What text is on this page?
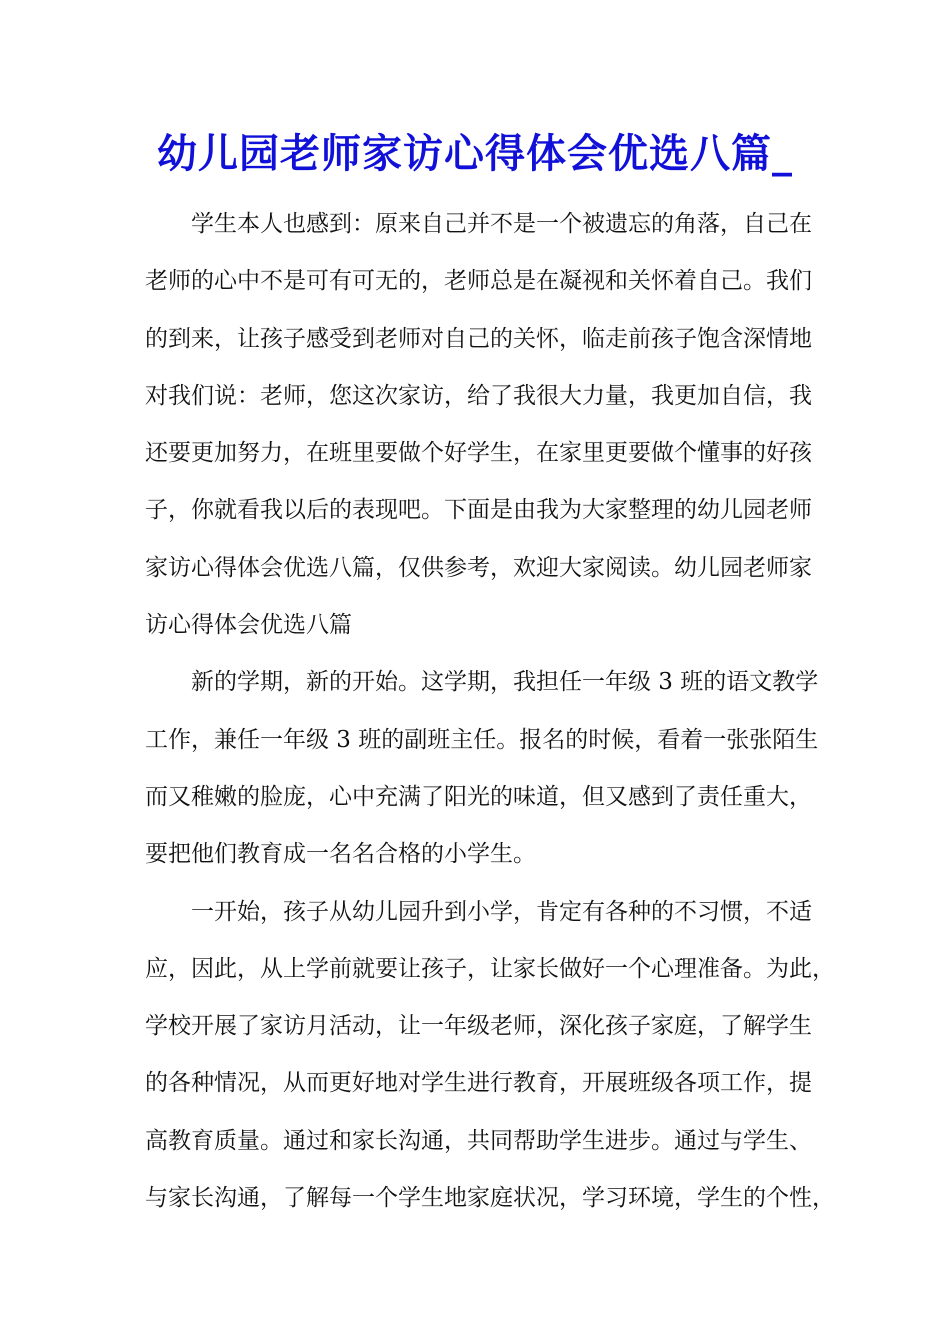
幼儿园老师家访心得体会优选八篇_
学生本人也感到：原来自己并不是一个被遗忘的角落，自己在
老师的心中不是可有可无的，老师总是在凝视和关怀着自己。我们
的到来，让孩子感受到老师对自己的关怀，临走前孩子饱含深情地
对我们说：老师，您这次家访，给了我很大力量，我更加自信，我
还要更加努力，在班里要做个好学生，在家里更要做个懂事的好孩
子，你就看我以后的表现吧。下面是由我为大家整理的幼儿园老师
家访心得体会优选八篇，仅供参考，欢迎大家阅读。幼儿园老师家
访心得体会优选八篇
新的学期，新的开始。这学期，我担任一年级 3 班的语文教学
工作，兼任一年级 3 班的副班主任。报名的时候，看着一张张陌生
而又稚嫩的脸庞，心中充满了阳光的味道，但又感到了责任重大，
要把他们教育成一名名合格的小学生。
一开始，孩子从幼儿园升到小学，肯定有各种的不习惯，不适
应，因此，从上学前就要让孩子，让家长做好一个心理准备。为此，
学校开展了家访月活动，让一年级老师，深化孩子家庭，了解学生
的各种情况，从而更好地对学生进行教育，开展班级各项工作，提
高教育质量。通过和家长沟通，共同帮助学生进步。通过与学生、
与家长沟通，了解每一个学生地家庭状况，学习环境，学生的个性，
